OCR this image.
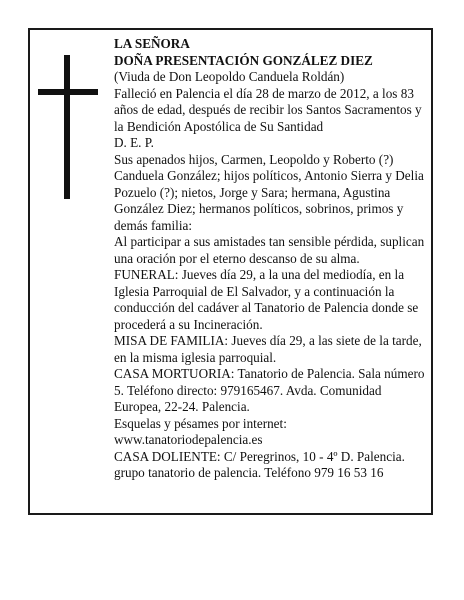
LA SEÑORA

DOÑA PRESENTACIÓN GONZÁLEZ DIEZ

(Viuda de Don Leopoldo Canduela Roldán)

Falleció en Palencia el día 28 de marzo de 2012, a los 83 años de edad, después de recibir los Santos Sacramentos y la Bendición Apostólica de Su Santidad

D. E. P.

Sus apenados hijos, Carmen, Leopoldo y Roberto (?) Canduela González; hijos políticos, Antonio Sierra y Delia Pozuelo (?); nietos, Jorge y Sara; hermana, Agustina González Diez; hermanos políticos, sobrinos, primos y demás familia:

Al participar a sus amistades tan sensible pérdida, suplican una oración por el eterno descanso de su alma.

FUNERAL: Jueves día 29, a la una del mediodía, en la Iglesia Parroquial de El Salvador, y a continuación la conducción del cadáver al Tanatorio de Palencia donde se procederá a su Incineración.

MISA DE FAMILIA: Jueves día 29, a las siete de la tarde, en la misma iglesia parroquial.

CASA MORTUORIA: Tanatorio de Palencia. Sala número 5. Teléfono directo: 979165467. Avda. Comunidad Europea, 22-24. Palencia.

Esquelas y pésames por internet:

www.tanatoriodepalencia.es

CASA DOLIENTE: C/ Peregrinos, 10 - 4º D. Palencia.

grupo tanatorio de palencia. Teléfono 979 16 53 16
